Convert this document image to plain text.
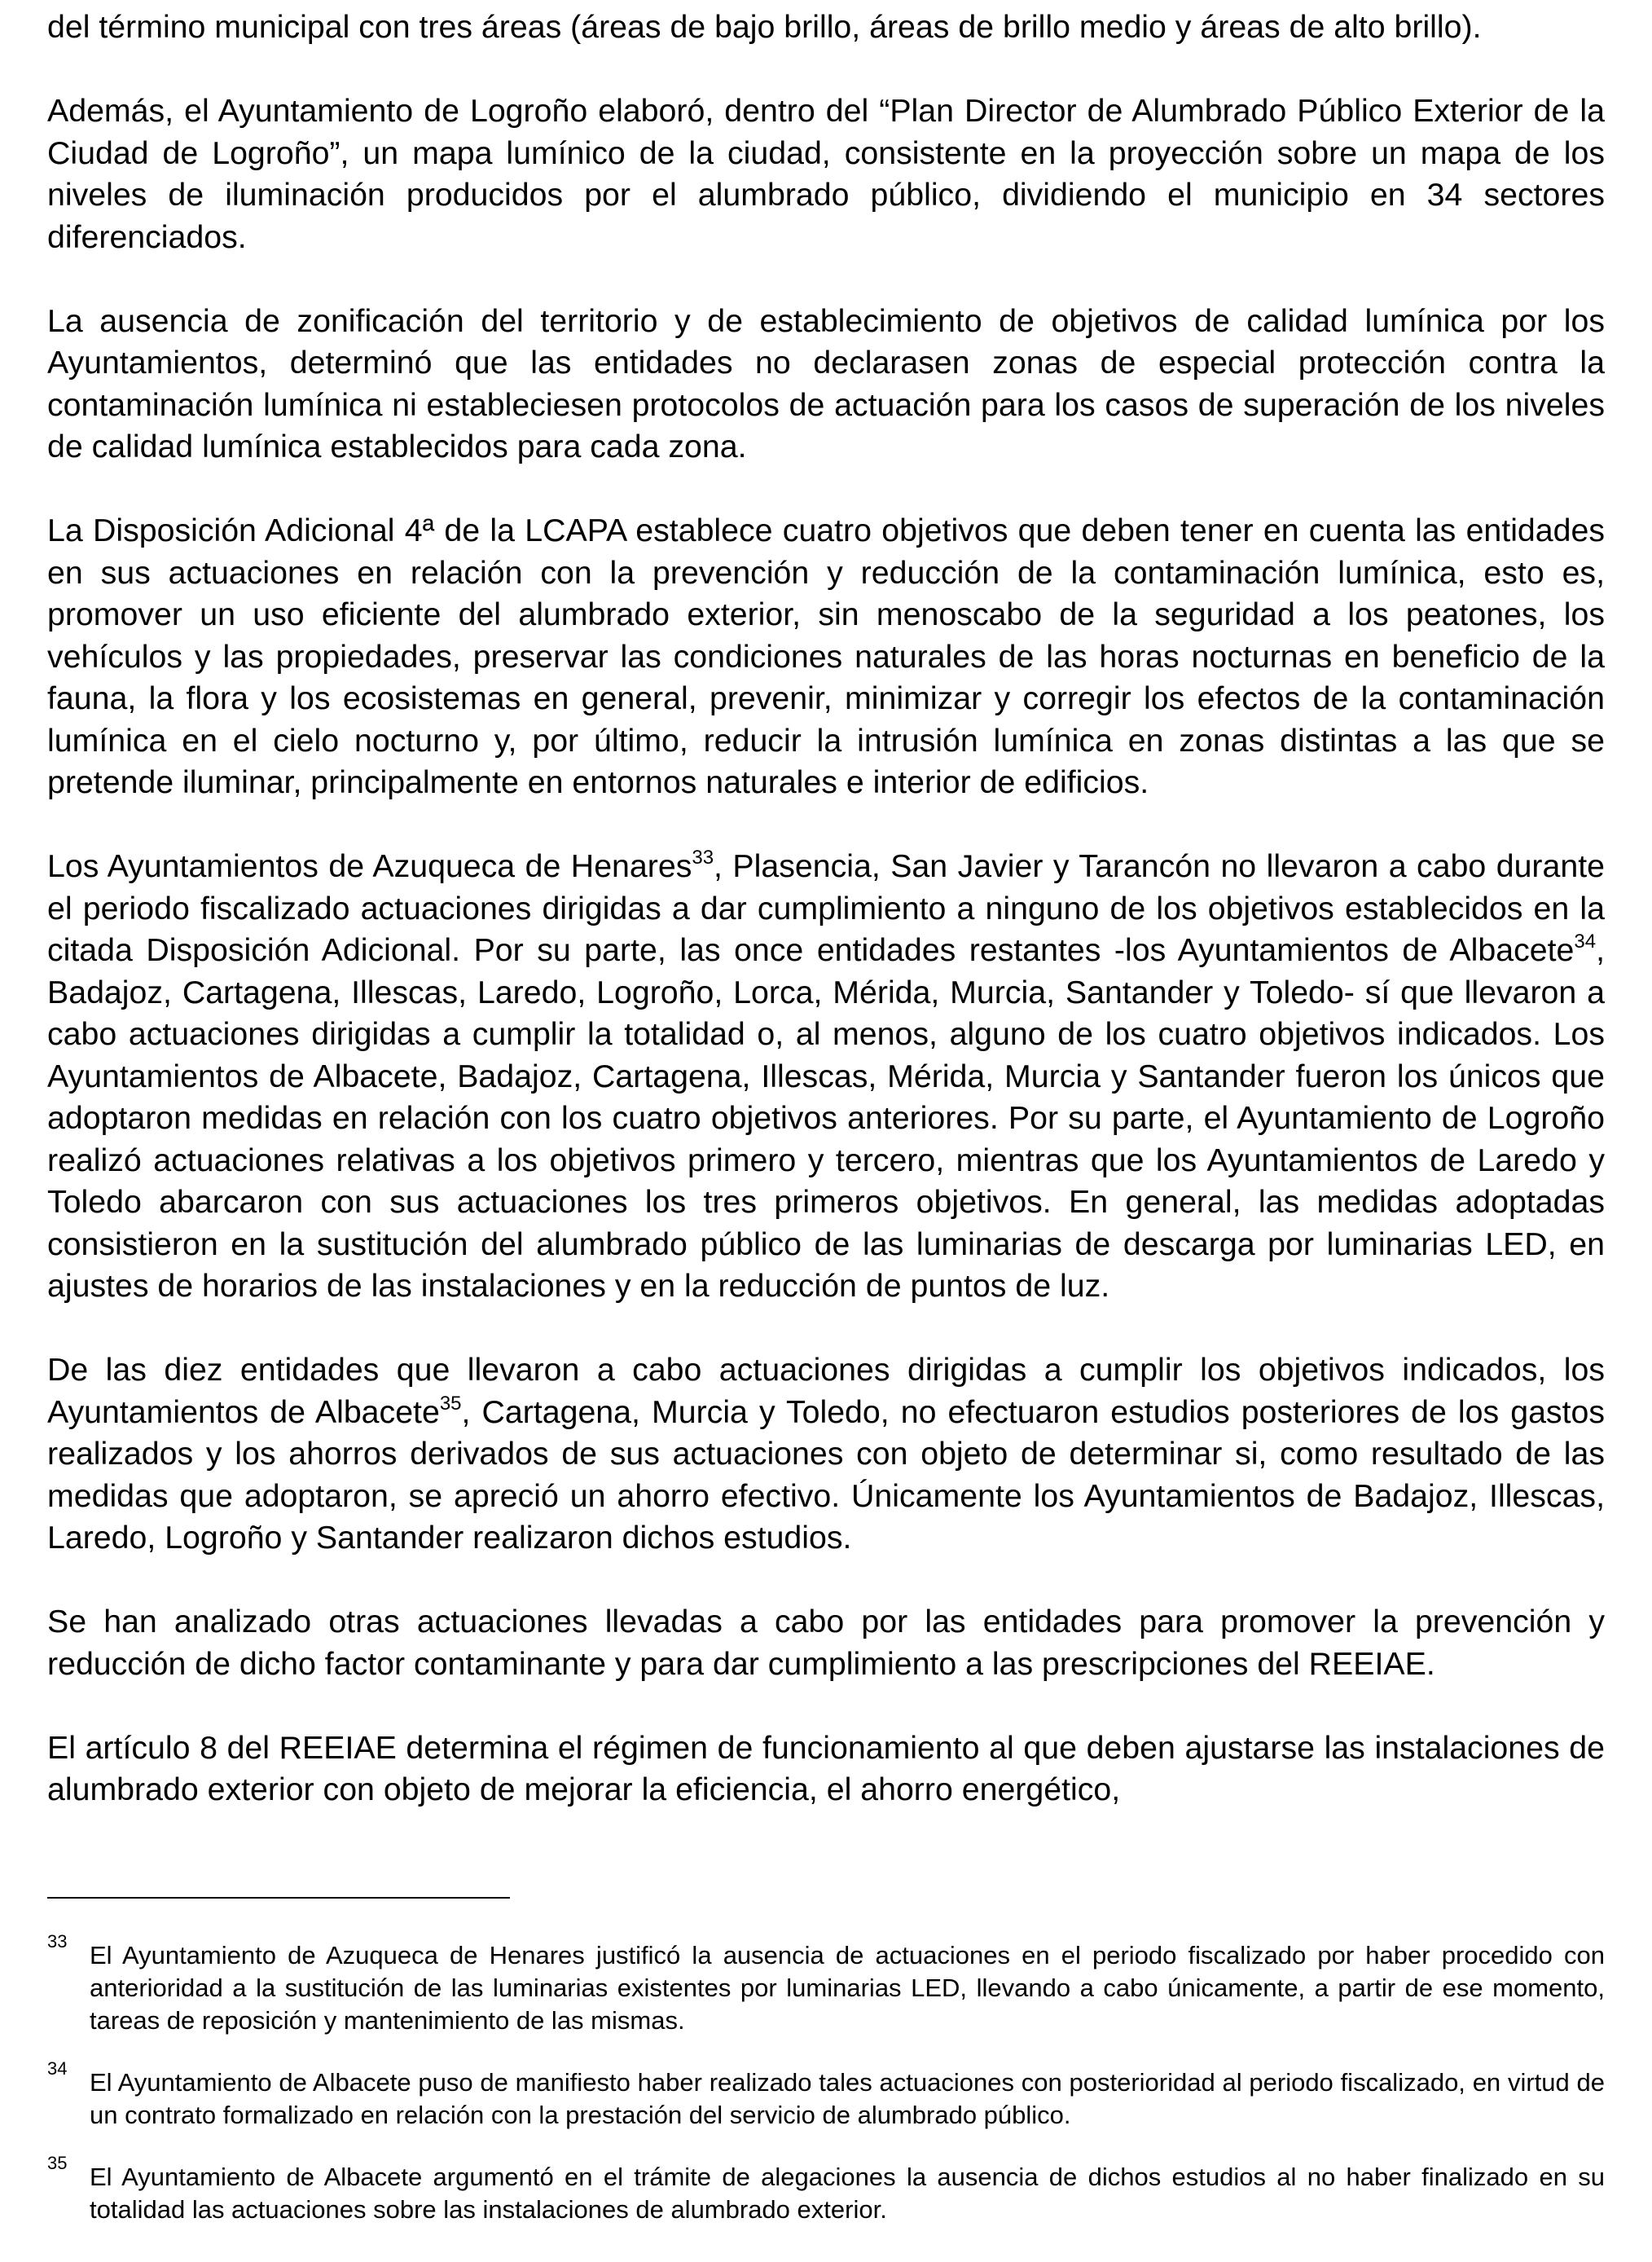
del término municipal con tres áreas (áreas de bajo brillo, áreas de brillo medio y áreas de alto brillo).

Además, el Ayuntamiento de Logroño elaboró, dentro del “Plan Director de Alumbrado Público Exterior de la Ciudad de Logroño”, un mapa lumínico de la ciudad, consistente en la proyección sobre un mapa de los niveles de iluminación producidos por el alumbrado público, dividiendo el municipio en 34 sectores diferenciados.

La ausencia de zonificación del territorio y de establecimiento de objetivos de calidad lumínica por los Ayuntamientos, determinó que las entidades no declarasen zonas de especial protección contra la contaminación lumínica ni estableciesen protocolos de actuación para los casos de superación de los niveles de calidad lumínica establecidos para cada zona.

La Disposición Adicional 4ª de la LCAPA establece cuatro objetivos que deben tener en cuenta las entidades en sus actuaciones en relación con la prevención y reducción de la contaminación lumínica, esto es, promover un uso eficiente del alumbrado exterior, sin menoscabo de la seguridad a los peatones, los vehículos y las propiedades, preservar las condiciones naturales de las horas nocturnas en beneficio de la fauna, la flora y los ecosistemas en general, prevenir, minimizar y corregir los efectos de la contaminación lumínica en el cielo nocturno y, por último, reducir la intrusión lumínica en zonas distintas a las que se pretende iluminar, principalmente en entornos naturales e interior de edificios.

Los Ayuntamientos de Azuqueca de Henares$^{33}$, Plasencia, San Javier y Tarancón no llevaron a cabo durante el periodo fiscalizado actuaciones dirigidas a dar cumplimiento a ninguno de los objetivos establecidos en la citada Disposición Adicional. Por su parte, las once entidades restantes -los Ayuntamientos de Albacete$^{34}$, Badajoz, Cartagena, Illescas, Laredo, Logroño, Lorca, Mérida, Murcia, Santander y Toledo- sí que llevaron a cabo actuaciones dirigidas a cumplir la totalidad o, al menos, alguno de los cuatro objetivos indicados. Los Ayuntamientos de Albacete, Badajoz, Cartagena, Illescas, Mérida, Murcia y Santander fueron los únicos que adoptaron medidas en relación con los cuatro objetivos anteriores. Por su parte, el Ayuntamiento de Logroño realizó actuaciones relativas a los objetivos primero y tercero, mientras que los Ayuntamientos de Laredo y Toledo abarcaron con sus actuaciones los tres primeros objetivos. En general, las medidas adoptadas consistieron en la sustitución del alumbrado público de las luminarias de descarga por luminarias LED, en ajustes de horarios de las instalaciones y en la reducción de puntos de luz.

De las diez entidades que llevaron a cabo actuaciones dirigidas a cumplir los objetivos indicados, los Ayuntamientos de Albacete$^{35}$, Cartagena, Murcia y Toledo, no efectuaron estudios posteriores de los gastos realizados y los ahorros derivados de sus actuaciones con objeto de determinar si, como resultado de las medidas que adoptaron, se apreció un ahorro efectivo. Únicamente los Ayuntamientos de Badajoz, Illescas, Laredo, Logroño y Santander realizaron dichos estudios.

Se han analizado otras actuaciones llevadas a cabo por las entidades para promover la prevención y reducción de dicho factor contaminante y para dar cumplimiento a las prescripciones del REEIAE.

El artículo 8 del REEIAE determina el régimen de funcionamiento al que deben ajustarse las instalaciones de alumbrado exterior con objeto de mejorar la eficiencia, el ahorro energético,

33 El Ayuntamiento de Azuqueca de Henares justificó la ausencia de actuaciones en el periodo fiscalizado por haber procedido con anterioridad a la sustitución de las luminarias existentes por luminarias LED, llevando a cabo únicamente, a partir de ese momento, tareas de reposición y mantenimiento de las mismas.
34 El Ayuntamiento de Albacete puso de manifiesto haber realizado tales actuaciones con posterioridad al periodo fiscalizado, en virtud de un contrato formalizado en relación con la prestación del servicio de alumbrado público.
35 El Ayuntamiento de Albacete argumentó en el trámite de alegaciones la ausencia de dichos estudios al no haber finalizado en su totalidad las actuaciones sobre las instalaciones de alumbrado exterior.
